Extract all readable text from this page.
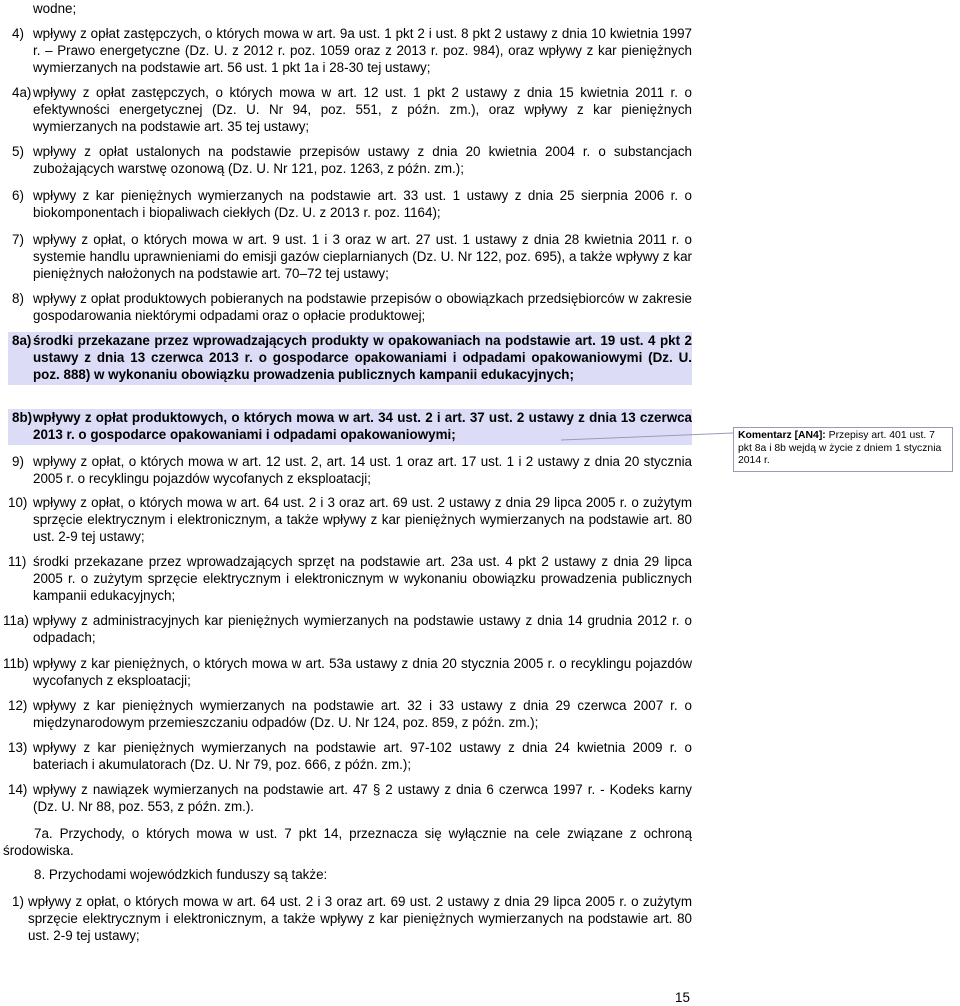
wodne;
4) wpływy z opłat zastępczych, o których mowa w art. 9a ust. 1 pkt 2 i ust. 8 pkt 2 ustawy z dnia 10 kwietnia 1997 r. – Prawo energetyczne (Dz. U. z 2012 r. poz. 1059 oraz z 2013 r. poz. 984), oraz wpływy z kar pieniężnych wymierzanych na podstawie art. 56 ust. 1 pkt 1a i 28-30 tej ustawy;
4a) wpływy z opłat zastępczych, o których mowa w art. 12 ust. 1 pkt 2 ustawy z dnia 15 kwietnia 2011 r. o efektywności energetycznej (Dz. U. Nr 94, poz. 551, z późn. zm.), oraz wpływy z kar pieniężnych wymierzanych na podstawie art. 35 tej ustawy;
5) wpływy z opłat ustalonych na podstawie przepisów ustawy z dnia 20 kwietnia 2004 r. o substancjach zubożających warstwę ozonową (Dz. U. Nr 121, poz. 1263, z późn. zm.);
6) wpływy z kar pieniężnych wymierzanych na podstawie art. 33 ust. 1 ustawy z dnia 25 sierpnia 2006 r. o biokomponentach i biopaliwach ciekłych (Dz. U. z 2013 r. poz. 1164);
7) wpływy z opłat, o których mowa w art. 9 ust. 1 i 3 oraz w art. 27 ust. 1 ustawy z dnia 28 kwietnia 2011 r. o systemie handlu uprawnieniami do emisji gazów cieplarnianych (Dz. U. Nr 122, poz. 695), a także wpływy z kar pieniężnych nałożonych na podstawie art. 70–72 tej ustawy;
8) wpływy z opłat produktowych pobieranych na podstawie przepisów o obowiązkach przedsiębiorców w zakresie gospodarowania niektórymi odpadami oraz o opłacie produktowej;
8a) środki przekazane przez wprowadzających produkty w opakowaniach na podstawie art. 19 ust. 4 pkt 2 ustawy z dnia 13 czerwca 2013 r. o gospodarce opakowaniami i odpadami opakowaniowymi (Dz. U. poz. 888) w wykonaniu obowiązku prowadzenia publicznych kampanii edukacyjnych;
8b) wpływy z opłat produktowych, o których mowa w art. 34 ust. 2 i art. 37 ust. 2 ustawy z dnia 13 czerwca 2013 r. o gospodarce opakowaniami i odpadami opakowaniowymi;
9) wpływy z opłat, o których mowa w art. 12 ust. 2, art. 14 ust. 1 oraz art. 17 ust. 1 i 2 ustawy z dnia 20 stycznia 2005 r. o recyklingu pojazdów wycofanych z eksploatacji;
10) wpływy z opłat, o których mowa w art. 64 ust. 2 i 3 oraz art. 69 ust. 2 ustawy z dnia 29 lipca 2005 r. o zużytym sprzęcie elektrycznym i elektronicznym, a także wpływy z kar pieniężnych wymierzanych na podstawie art. 80 ust. 2-9 tej ustawy;
11) środki przekazane przez wprowadzających sprzęt na podstawie art. 23a ust. 4 pkt 2 ustawy z dnia 29 lipca 2005 r. o zużytym sprzęcie elektrycznym i elektronicznym w wykonaniu obowiązku prowadzenia publicznych kampanii edukacyjnych;
11a) wpływy z administracyjnych kar pieniężnych wymierzanych na podstawie ustawy z dnia 14 grudnia 2012 r. o odpadach;
11b) wpływy z kar pieniężnych, o których mowa w art. 53a ustawy z dnia 20 stycznia 2005 r. o recyklingu pojazdów wycofanych z eksploatacji;
12) wpływy z kar pieniężnych wymierzanych na podstawie art. 32 i 33 ustawy z dnia 29 czerwca 2007 r. o międzynarodowym przemieszczaniu odpadów (Dz. U. Nr 124, poz. 859, z późn. zm.);
13) wpływy z kar pieniężnych wymierzanych na podstawie art. 97-102 ustawy z dnia 24 kwietnia 2009 r. o bateriach i akumulatorach (Dz. U. Nr 79, poz. 666, z późn. zm.);
14) wpływy z nawiązek wymierzanych na podstawie art. 47 § 2 ustawy z dnia 6 czerwca 1997 r. - Kodeks karny (Dz. U. Nr 88, poz. 553, z późn. zm.).
7a. Przychody, o których mowa w ust. 7 pkt 14, przeznacza się wyłącznie na cele związane z ochroną środowiska.
8. Przychodami wojewódzkich funduszy są także:
1) wpływy z opłat, o których mowa w art. 64 ust. 2 i 3 oraz art. 69 ust. 2 ustawy z dnia 29 lipca 2005 r. o zużytym sprzęcie elektrycznym i elektronicznym, a także wpływy z kar pieniężnych wymierzanych na podstawie art. 80 ust. 2-9 tej ustawy;
Komentarz [AN4]: Przepisy art. 401 ust. 7 pkt 8a i 8b wejdą w życie z dniem 1 stycznia 2014 r.
15
